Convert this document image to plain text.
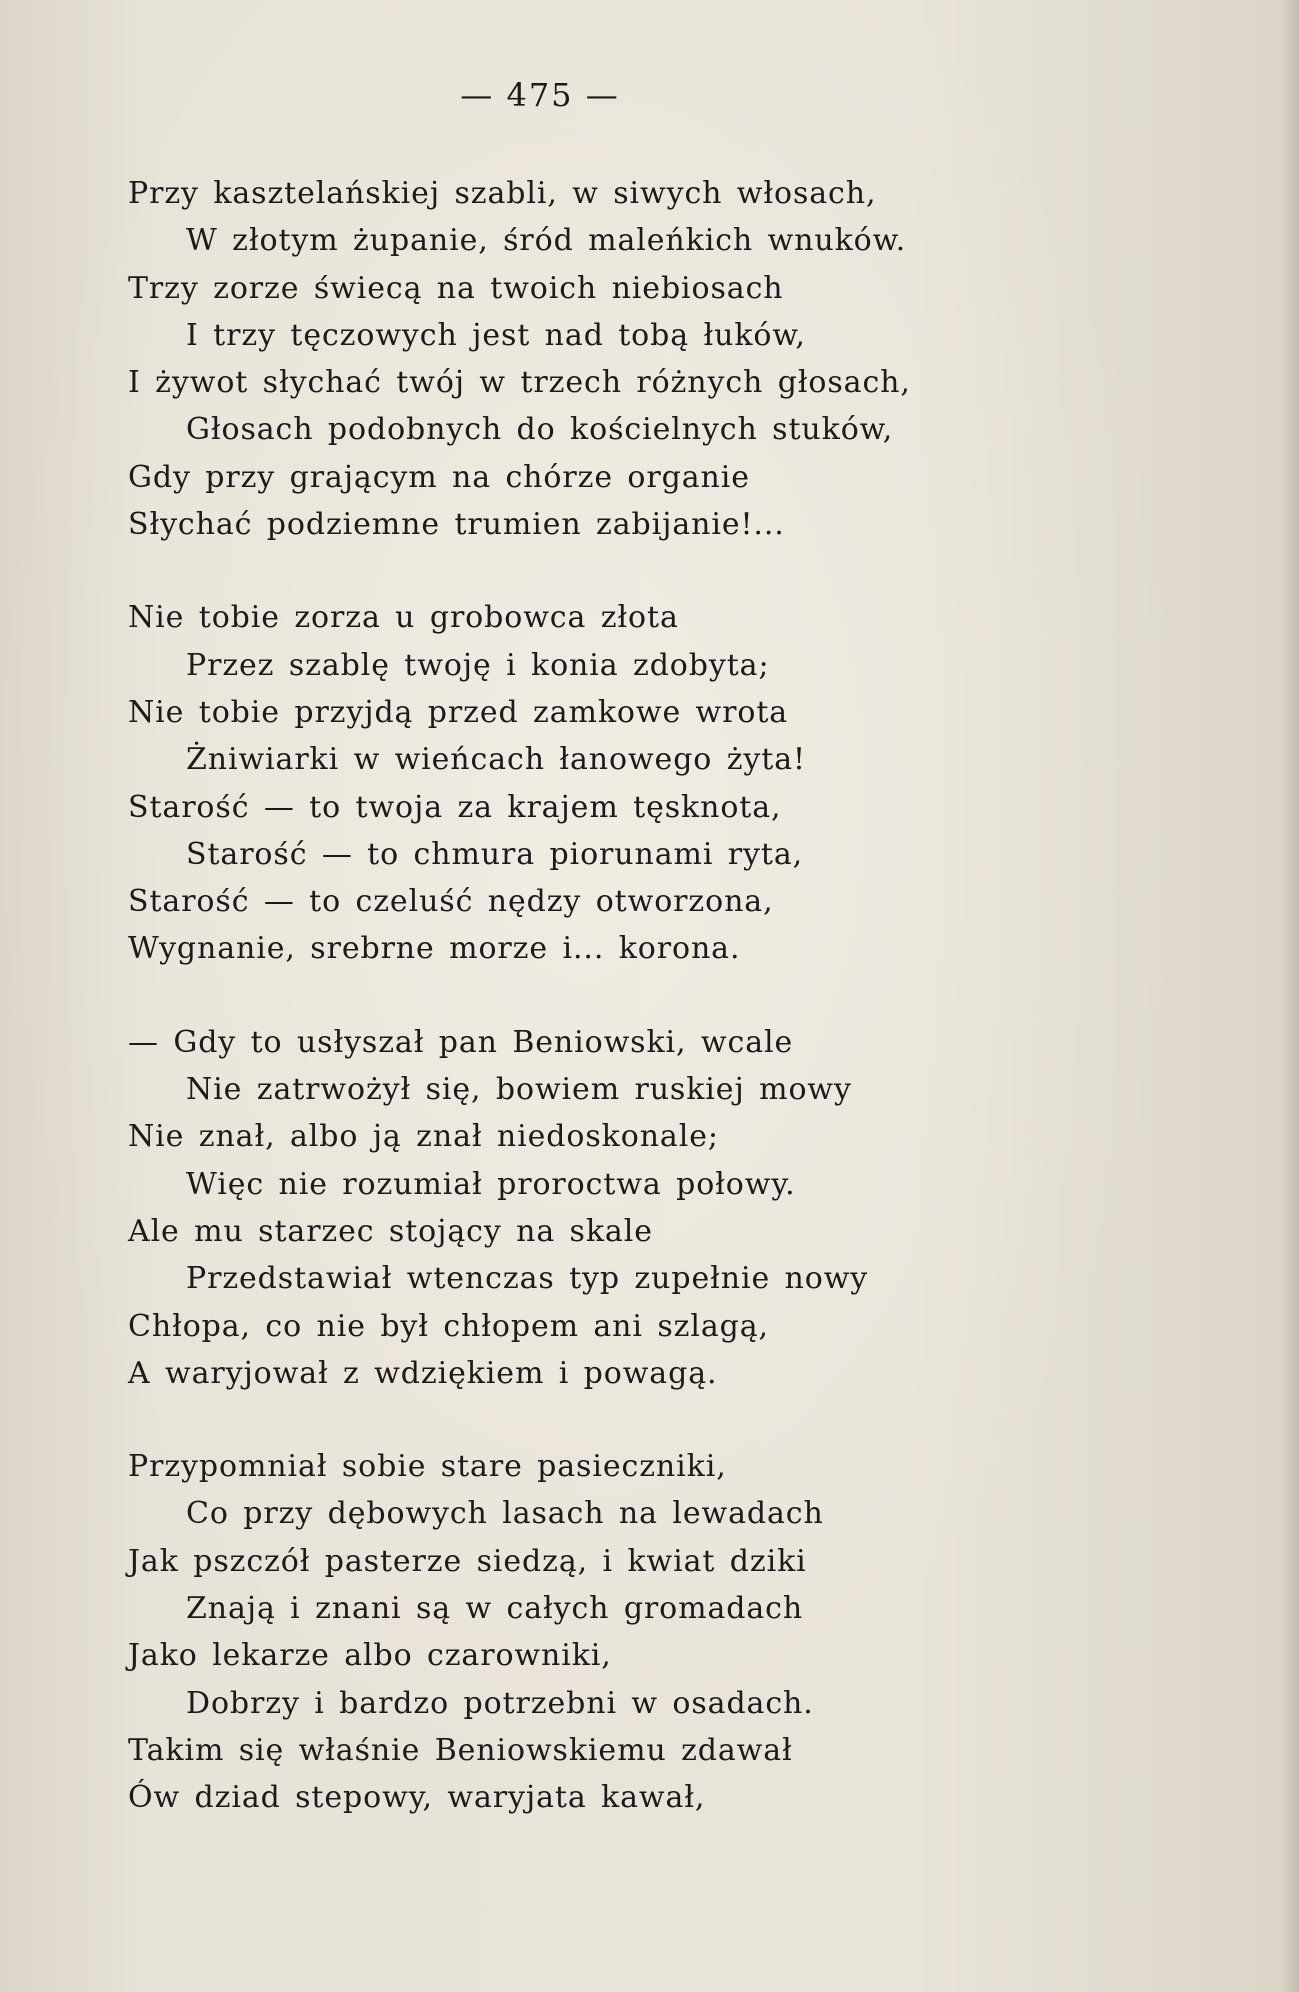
— 475 —
Przy kasztelańskiej szabli, w siwych włosach,
W złotym żupanie, śród maleńkich wnuków.
Trzy zorze świecą na twoich niebiosach
I trzy tęczowych jest nad tobą łuków,
I żywot słychać twój w trzech różnych głosach,
Głosach podobnych do kościelnych stuków,
Gdy przy grającym na chórze organie
Słychać podziemne trumien zabijanie!...
Nie tobie zorza u grobowca złota
Przez szablę twoję i konia zdobyta;
Nie tobie przyjdą przed zamkowe wrota
Żniwiarki w wieńcach łanowego żyta!
Starość — to twoja za krajem tęsknota,
Starość — to chmura piorunami ryta,
Starość — to czeluść nędzy otworzona,
Wygnanie, srebrne morze i... korona.
— Gdy to usłyszał pan Beniowski, wcale
Nie zatrwożył się, bowiem ruskiej mowy
Nie znał, albo ją znał niedoskonale;
Więc nie rozumiał proroctwa połowy.
Ale mu starzec stojący na skale
Przedstawiał wtenczas typ zupełnie nowy
Chłopa, co nie był chłopem ani szlagą,
A waryjował z wdziękiem i powagą.
Przypomniał sobie stare pasieczniki,
Co przy dębowych lasach na lewadach
Jak pszczół pasterze siedzą, i kwiat dziki
Znają i znani są w całych gromadach
Jako lekarze albo czarowniki,
Dobrzy i bardzo potrzebni w osadach.
Takim się właśnie Beniowskiemu zdawał
Ów dziad stepowy, waryjata kawał,
